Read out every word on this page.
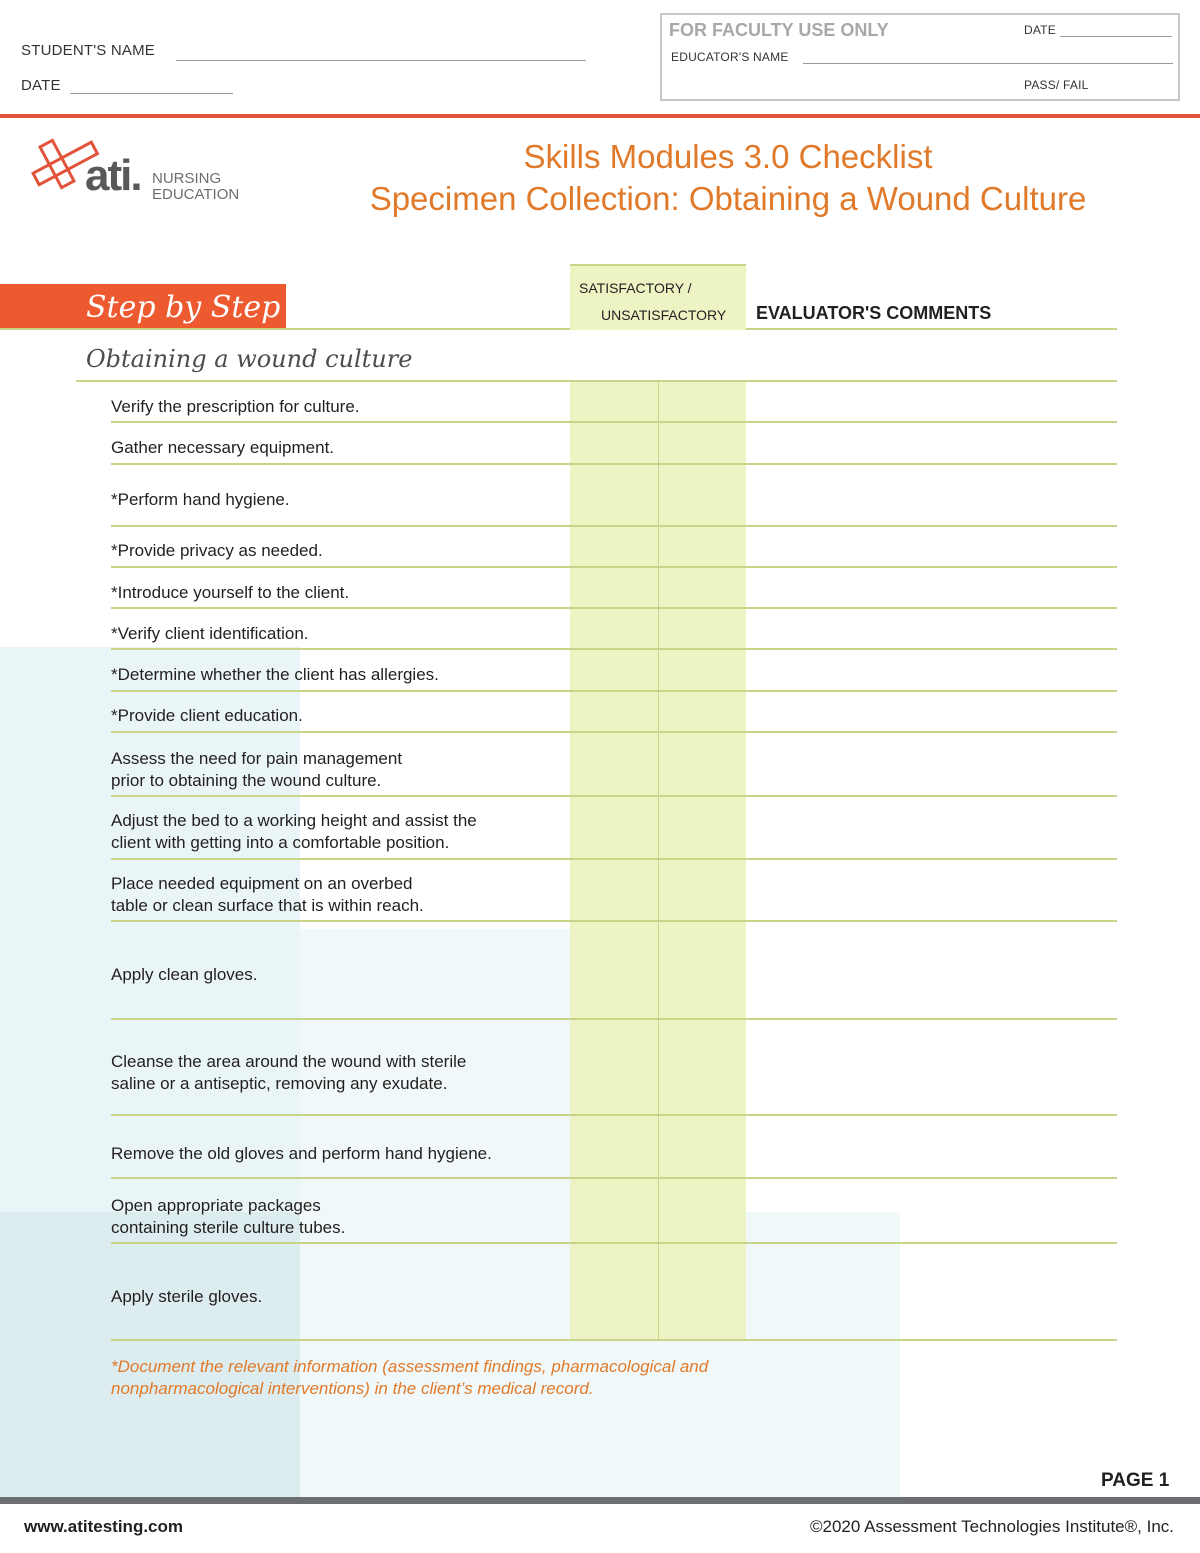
STUDENT'S NAME
DATE
FOR FACULTY USE ONLY	DATE
EDUCATOR'S NAME
PASS/ FAIL
ati. NURSING
EDUCATION
Skills Modules 3.0 Checklist
Specimen Collection: Obtaining a Wound Culture
Step by Step
SATISFACTORY /
UNSATISFACTORY EVALUATOR'S COMMENTS
Obtaining a wound culture
Verify the prescription for culture.
Gather necessary equipment.
*Perform hand hygiene.
*Provide privacy as needed.
*Introduce yourself to the client.
*Verify client identification.
*Determine whether the client has allergies.
*Provide client education.
Assess the need for pain management
prior to obtaining the wound culture.
Adjust the bed to a working height and assist the
client with getting into a comfortable position.
Place needed equipment on an overbed
table or clean surface that is within reach.
Apply clean gloves.
Cleanse the area around the wound with sterile
saline or a antiseptic, removing any exudate.
Remove the old gloves and perform hand hygiene.
Open appropriate packages
containing sterile culture tubes.
Apply sterile gloves.
*Document the relevant information (assessment findings, pharmacological and
nonpharmacological interventions) in the client’s medical record.
PAGE 1
www.atitesting.com	©2020 Assessment Technologies Institute®, Inc.
